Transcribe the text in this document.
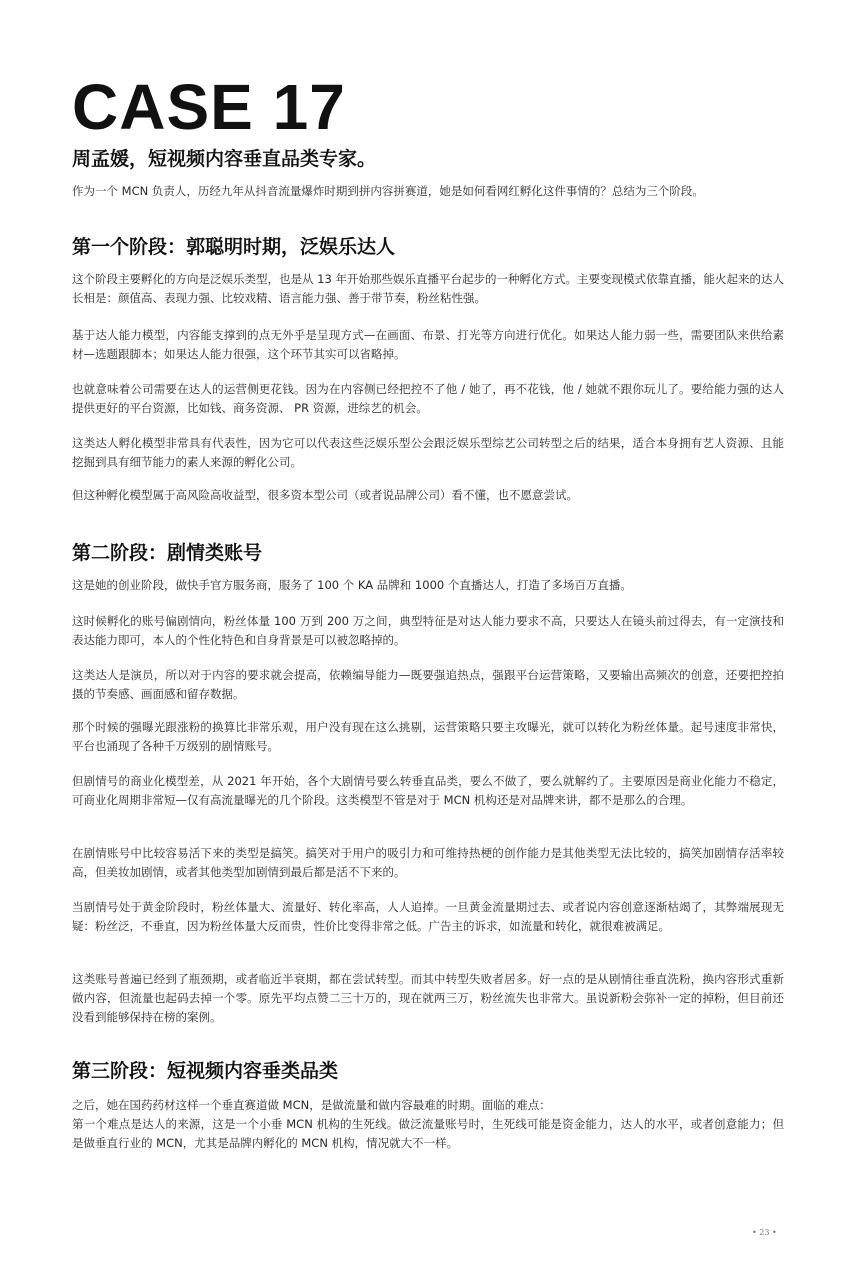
CASE 17
周孟媛，短视频内容垂直品类专家。
作为一个 MCN 负责人，历经九年从抖音流量爆炸时期到拼内容拼赛道，她是如何看网红孵化这件事情的？总结为三个阶段。
第一个阶段：郭聪明时期，泛娱乐达人
这个阶段主要孵化的方向是泛娱乐类型，也是从 13 年开始那些娱乐直播平台起步的一种孵化方式。主要变现模式依靠直播，能火起来的达人长相是：颜值高、表现力强、比较戏精、语言能力强、善于带节奏，粉丝粘性强。
基于达人能力模型，内容能支撑到的点无外乎是呈现方式—在画面、布景、打光等方向进行优化。如果达人能力弱一些，需要团队来供给素材—选题跟脚本；如果达人能力很强，这个环节其实可以省略掉。
也就意味着公司需要在达人的运营侧更花钱。因为在内容侧已经把控不了他 / 她了，再不花钱，他 / 她就不跟你玩儿了。要给能力强的达人提供更好的平台资源，比如钱、商务资源、 PR 资源，进综艺的机会。
这类达人孵化模型非常具有代表性，因为它可以代表这些泛娱乐型公会跟泛娱乐型综艺公司转型之后的结果，适合本身拥有艺人资源、且能挖掘到具有细节能力的素人来源的孵化公司。
但这种孵化模型属于高风险高收益型，很多资本型公司（或者说品牌公司）看不懂，也不愿意尝试。
第二阶段：剧情类账号
这是她的创业阶段，做快手官方服务商，服务了 100 个 KA 品牌和 1000 个直播达人，打造了多场百万直播。
这时候孵化的账号偏剧情向，粉丝体量 100 万到 200 万之间，典型特征是对达人能力要求不高，只要达人在镜头前过得去，有一定演技和表达能力即可，本人的个性化特色和自身背景是可以被忽略掉的。
这类达人是演员，所以对于内容的要求就会提高，依赖编导能力—既要强追热点，强跟平台运营策略，又要输出高频次的创意，还要把控拍摄的节奏感、画面感和留存数据。
那个时候的强曝光跟涨粉的换算比非常乐观，用户没有现在这么挑剔，运营策略只要主攻曝光，就可以转化为粉丝体量。起号速度非常快，平台也涌现了各种千万级别的剧情账号。
但剧情号的商业化模型差，从 2021 年开始，各个大剧情号要么转垂直品类，要么不做了，要么就解约了。主要原因是商业化能力不稳定，可商业化周期非常短—仅有高流量曝光的几个阶段。这类模型不管是对于 MCN 机构还是对品牌来讲，都不是那么的合理。
在剧情账号中比较容易活下来的类型是搞笑。搞笑对于用户的吸引力和可维持热梗的创作能力是其他类型无法比较的，搞笑加剧情存活率较高，但美妆加剧情，或者其他类型加剧情到最后都是活不下来的。
当剧情号处于黄金阶段时，粉丝体量大、流量好、转化率高，人人追捧。一旦黄金流量期过去、或者说内容创意逐渐枯竭了，其弊端展现无疑：粉丝泛，不垂直，因为粉丝体量大反而贵，性价比变得非常之低。广告主的诉求，如流量和转化，就很难被满足。
这类账号普遍已经到了瓶颈期，或者临近半衰期，都在尝试转型。而其中转型失败者居多。好一点的是从剧情往垂直洗粉，换内容形式重新做内容，但流量也起码去掉一个零。原先平均点赞二三十万的，现在就两三万，粉丝流失也非常大。虽说新粉会弥补一定的掉粉，但目前还没看到能够保持在榜的案例。
第三阶段：短视频内容垂类品类
之后，她在国药药材这样一个垂直赛道做 MCN，是做流量和做内容最难的时期。面临的难点：
第一个难点是达人的来源，这是一个小垂 MCN 机构的生死线。做泛流量账号时，生死线可能是资金能力，达人的水平，或者创意能力；但是做垂直行业的 MCN，尤其是品牌内孵化的 MCN 机构，情况就大不一样。
• 23 •
